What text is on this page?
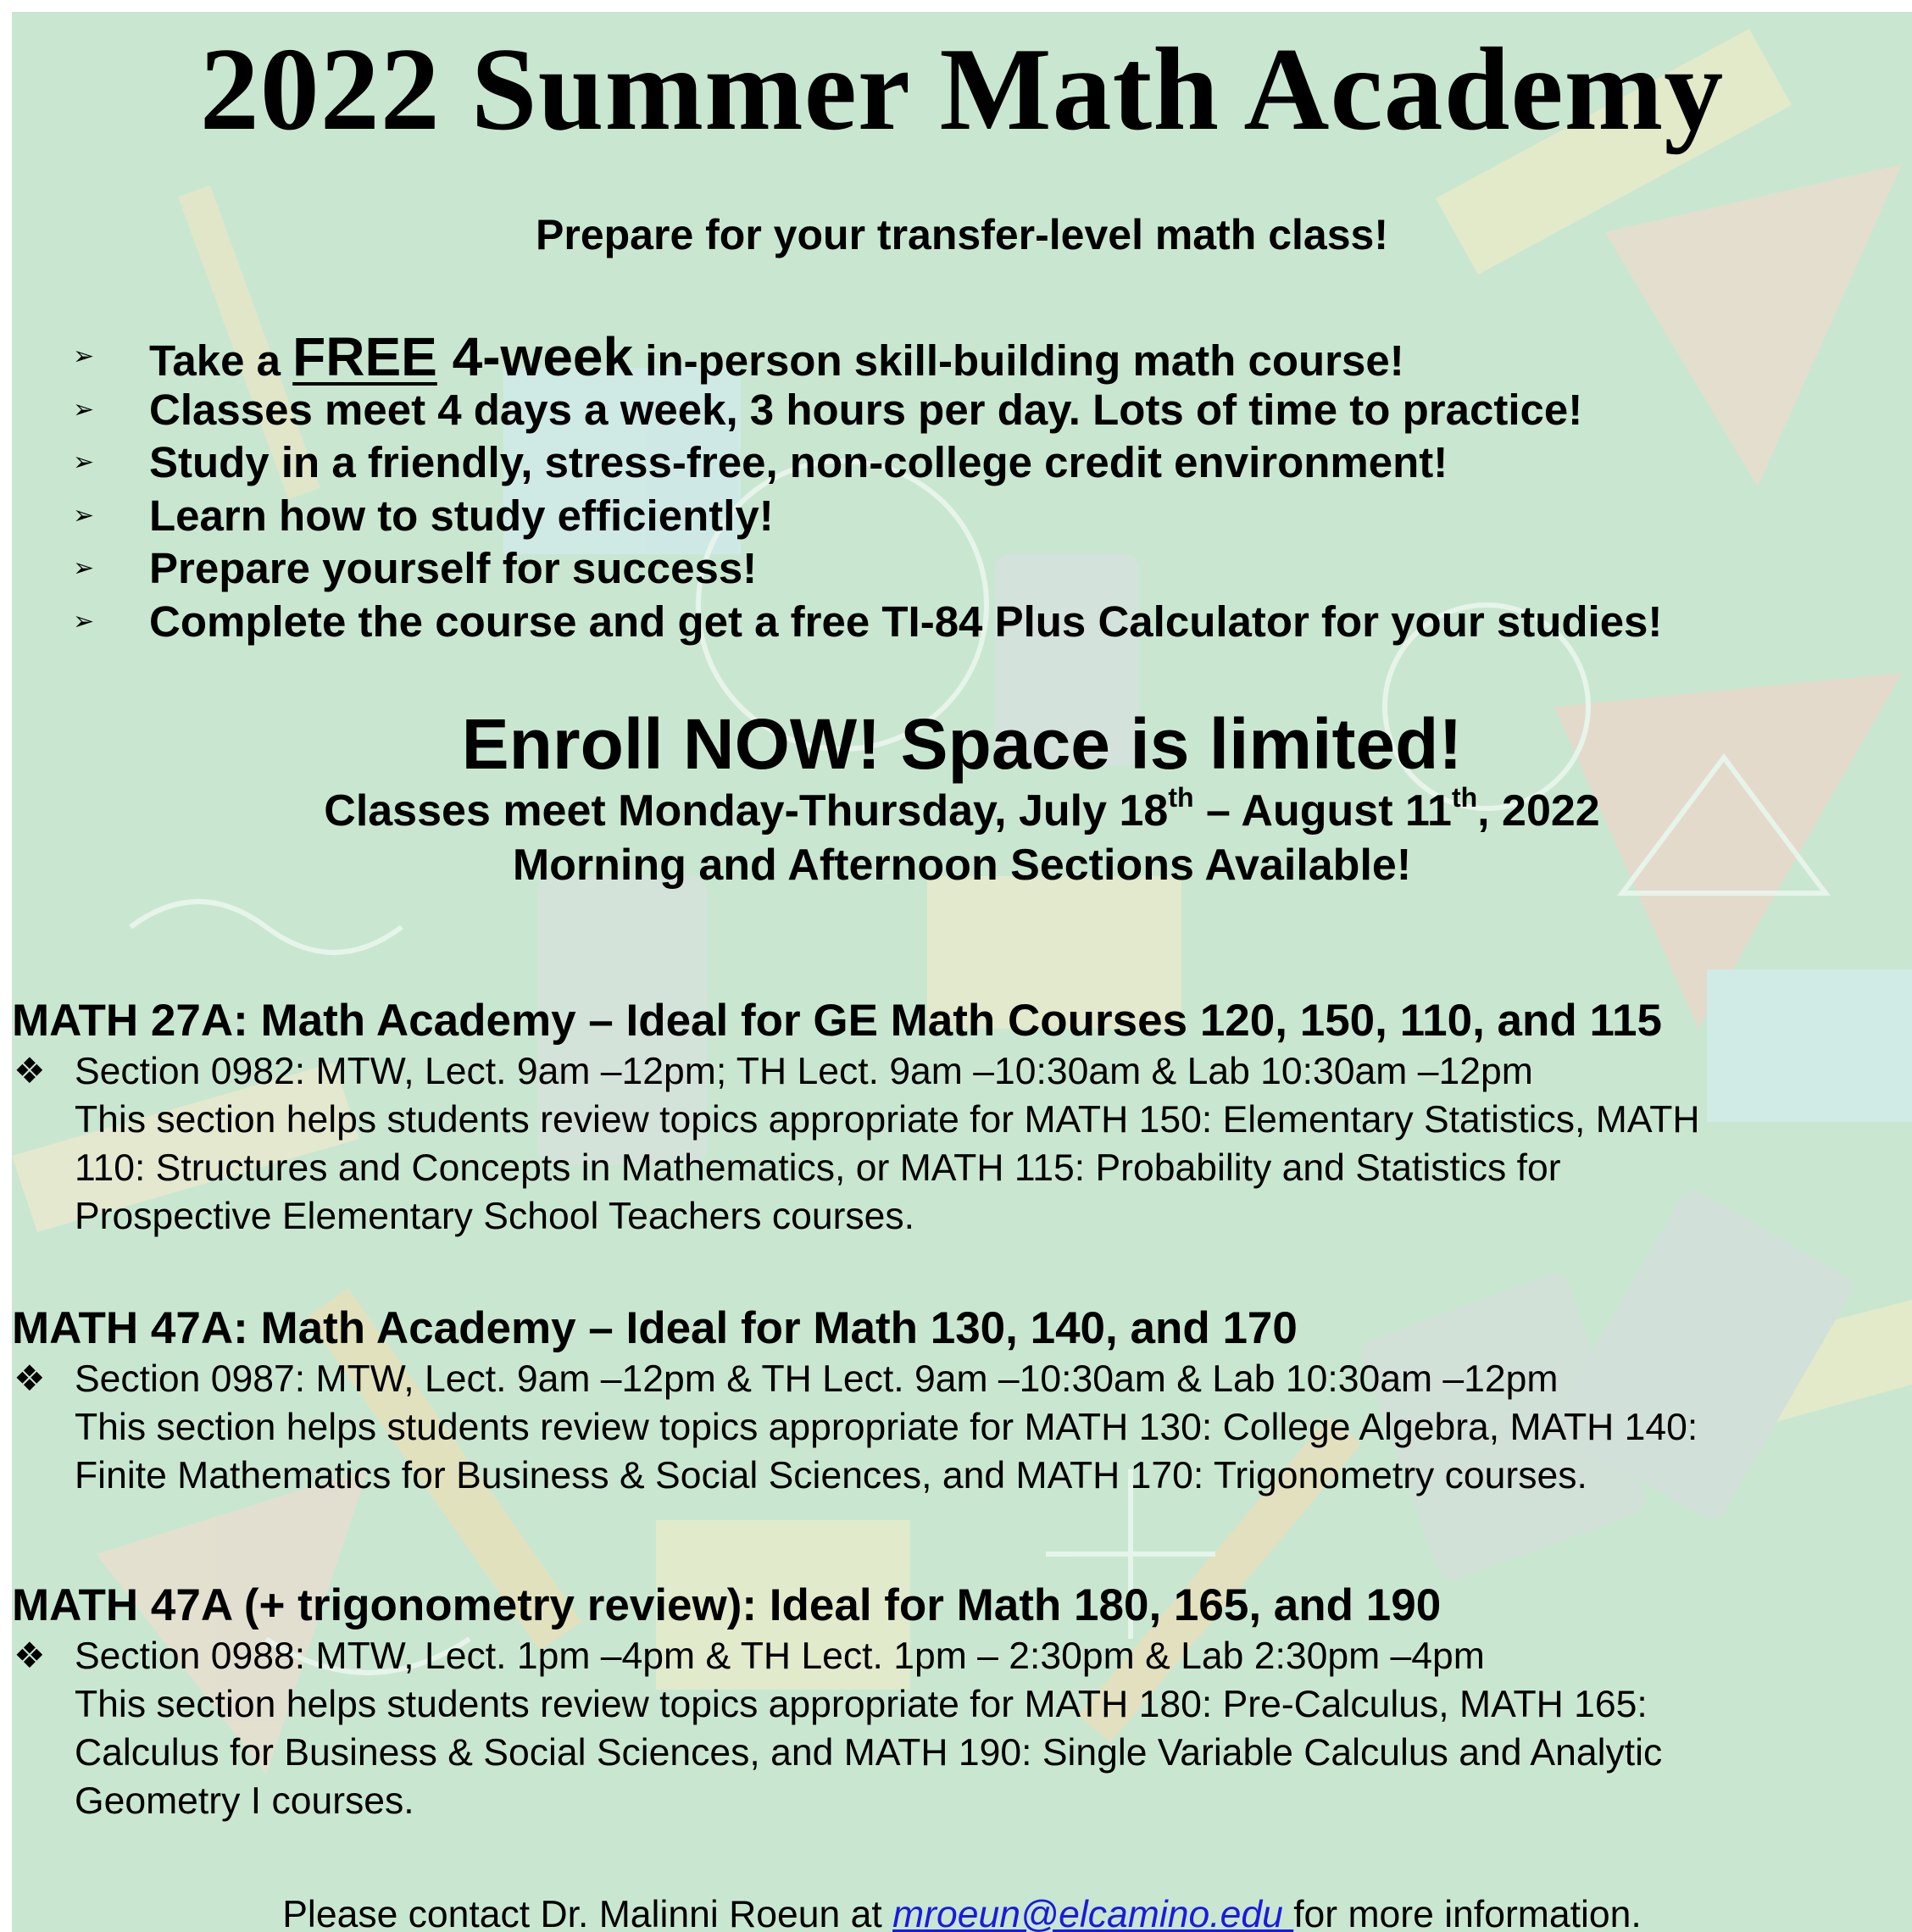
2022 Summer Math Academy
Prepare for your transfer-level math class!
➢ Take a FREE 4-week in-person skill-building math course!
➢ Classes meet 4 days a week, 3 hours per day. Lots of time to practice!
➢ Study in a friendly, stress-free, non-college credit environment!
➢ Learn how to study efficiently!
➢ Prepare yourself for success!
➢ Complete the course and get a free TI-84 Plus Calculator for your studies!
Enroll NOW! Space is limited!
Classes meet Monday-Thursday, July 18th – August 11th, 2022
Morning and Afternoon Sections Available!
MATH 27A: Math Academy – Ideal for GE Math Courses 120, 150, 110, and 115
❖ Section 0982: MTW, Lect. 9am –12pm; TH Lect. 9am –10:30am & Lab 10:30am –12pm
This section helps students review topics appropriate for MATH 150: Elementary Statistics, MATH
110: Structures and Concepts in Mathematics, or MATH 115: Probability and Statistics for
Prospective Elementary School Teachers courses.
MATH 47A: Math Academy – Ideal for Math 130, 140, and 170
❖ Section 0987: MTW, Lect. 9am –12pm & TH Lect. 9am –10:30am & Lab 10:30am –12pm
This section helps students review topics appropriate for MATH 130: College Algebra, MATH 140:
Finite Mathematics for Business & Social Sciences, and MATH 170: Trigonometry courses.
MATH 47A (+ trigonometry review): Ideal for Math 180, 165, and 190
❖ Section 0988: MTW, Lect. 1pm –4pm & TH Lect. 1pm – 2:30pm & Lab 2:30pm –4pm
This section helps students review topics appropriate for MATH 180: Pre-Calculus, MATH 165:
Calculus for Business & Social Sciences, and MATH 190: Single Variable Calculus and Analytic
Geometry I courses.
Please contact Dr. Malinni Roeun at mroeun@elcamino.edu for more information.
